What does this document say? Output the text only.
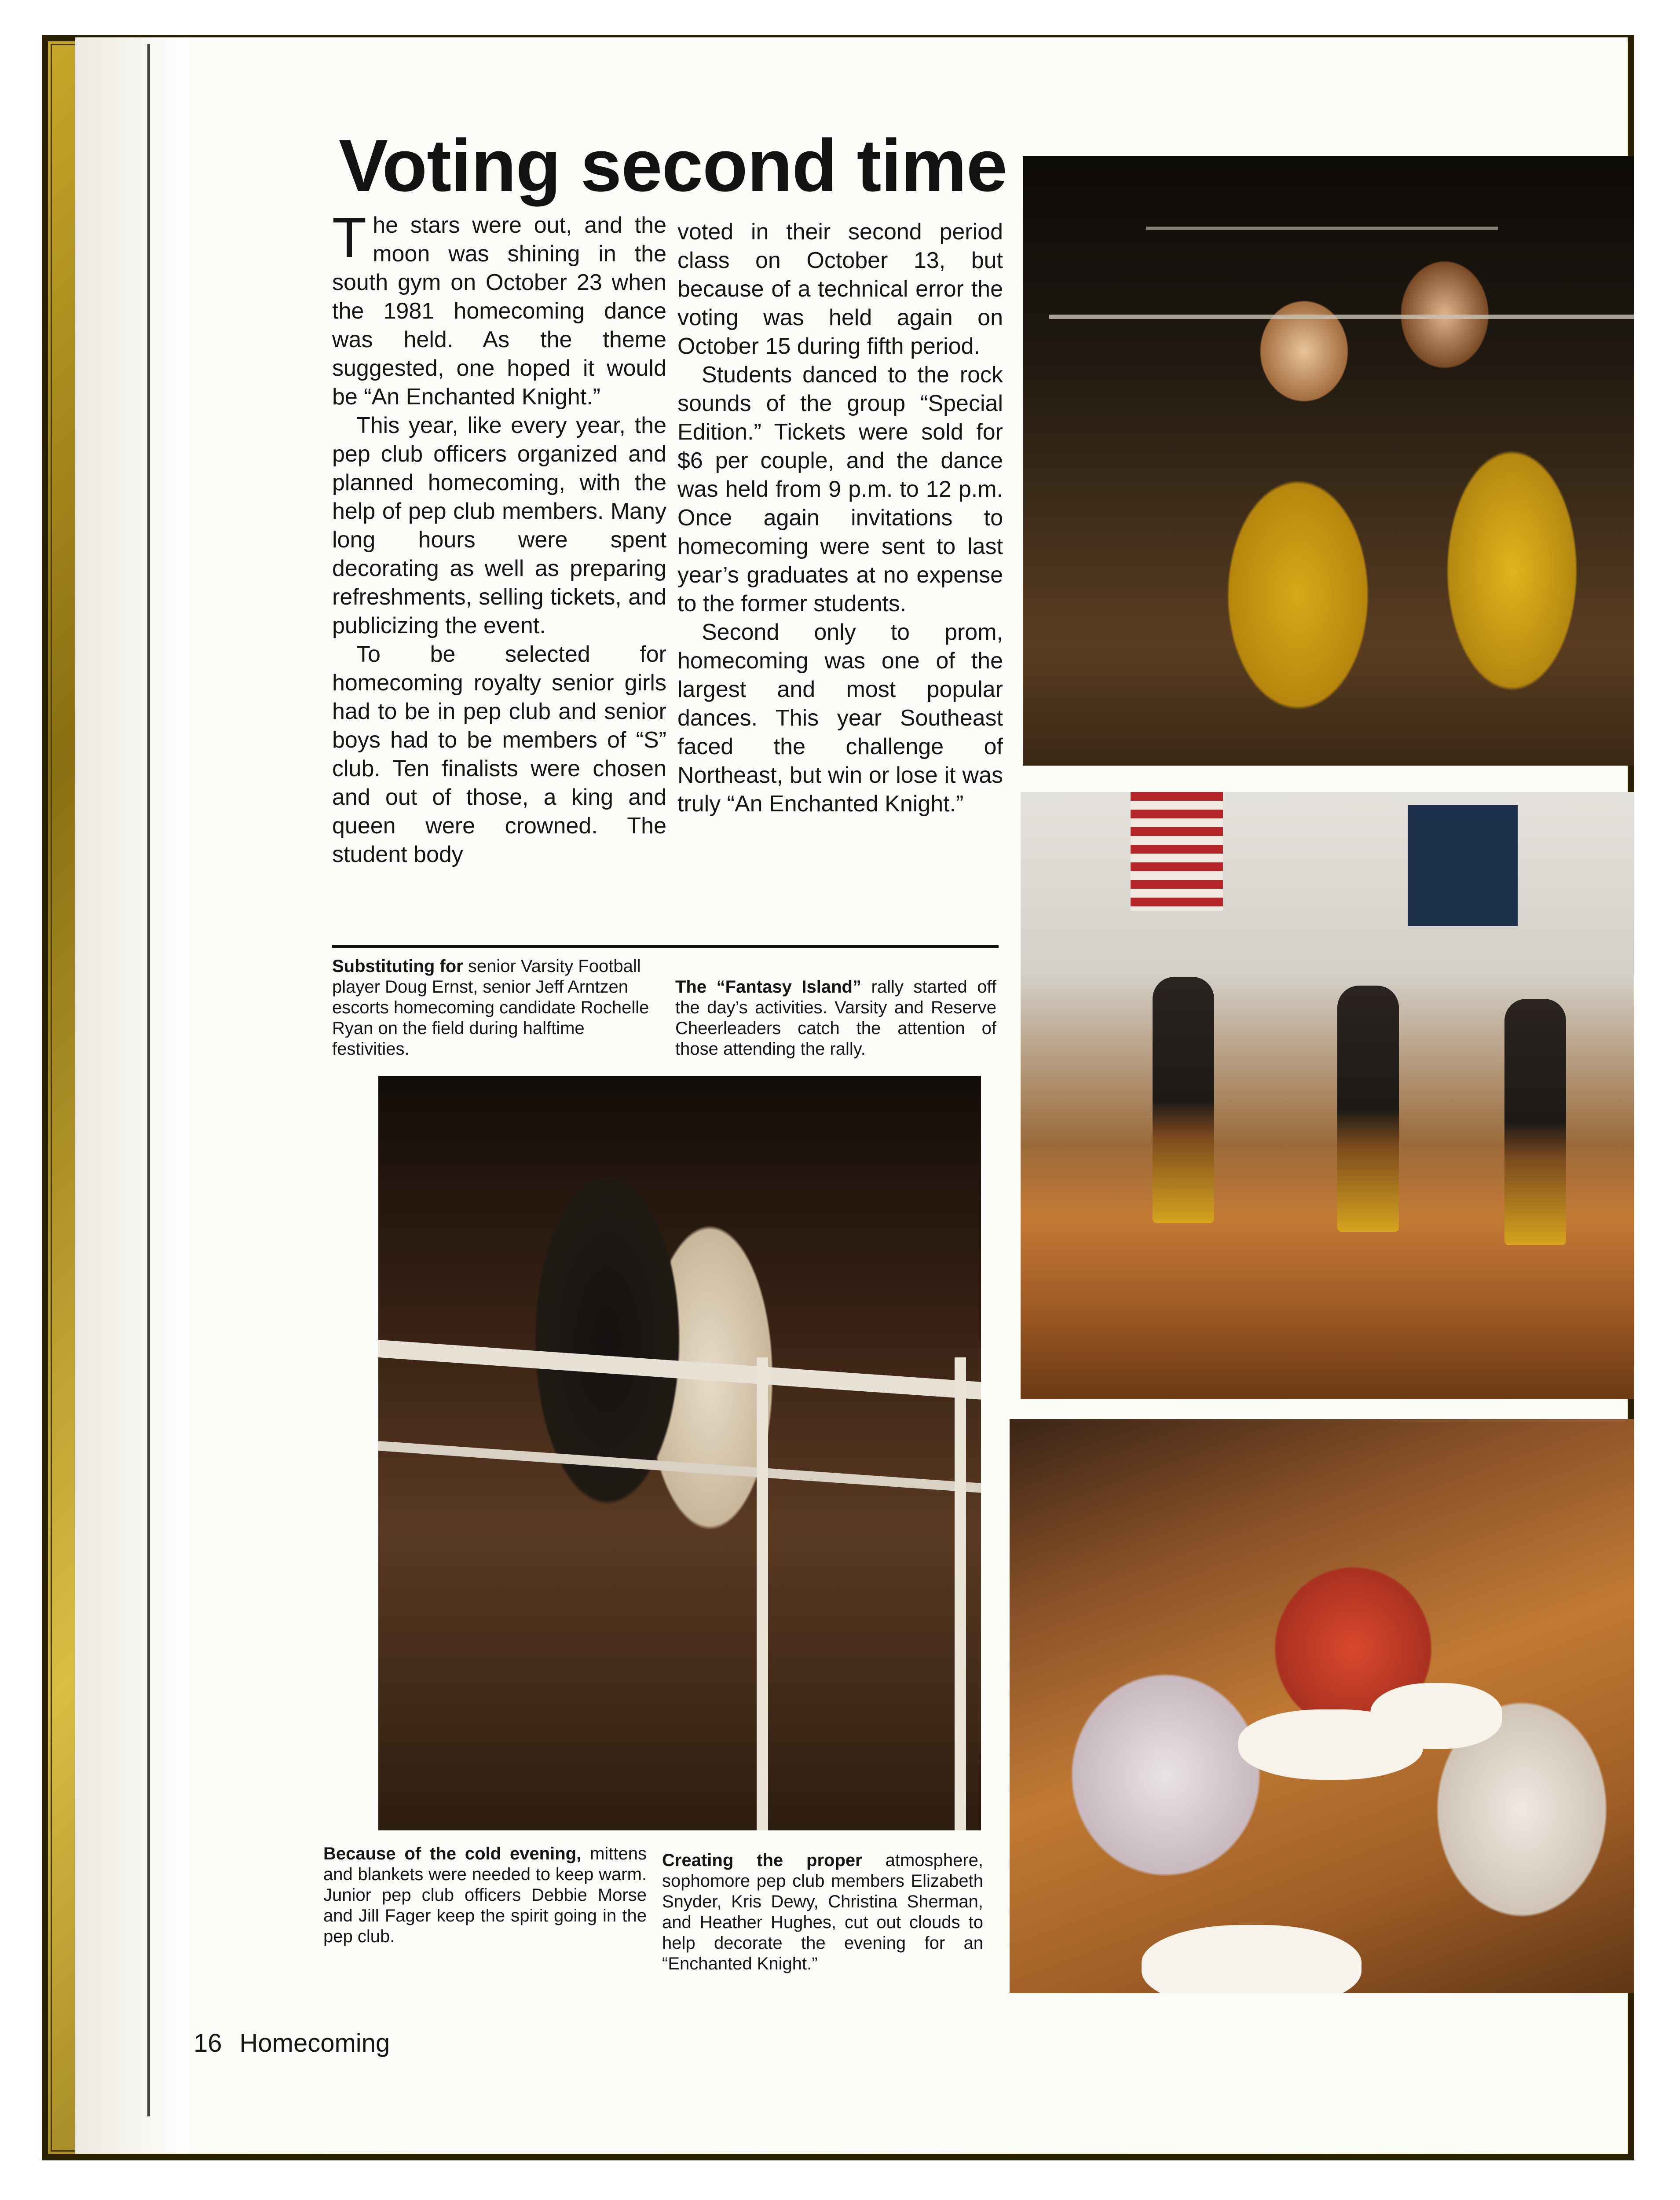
Voting second time

The stars were out, and the moon was shining in the south gym on October 23 when the 1981 homecoming dance was held. As the theme suggested, one hoped it would be “An Enchanted Knight.”

This year, like every year, the pep club officers organized and planned homecoming, with the help of pep club members. Many long hours were spent decorating as well as preparing refreshments, selling tickets, and publicizing the event.

To be selected for homecoming royalty senior girls had to be in pep club and senior boys had to be members of “S” club. Ten finalists were chosen and out of those, a king and queen were crowned. The student body

voted in their second period class on October 13, but because of a technical error the voting was held again on October 15 during fifth period.

Students danced to the rock sounds of the group “Special Edition.” Tickets were sold for $6 per couple, and the dance was held from 9 p.m. to 12 p.m. Once again invitations to homecoming were sent to last year’s graduates at no expense to the former students.

Second only to prom, homecoming was one of the largest and most popular dances. This year Southeast faced the challenge of Northeast, but win or lose it was truly “An Enchanted Knight.”

Substituting for senior Varsity Football player Doug Ernst, senior Jeff Arntzen escorts homecoming candidate Rochelle Ryan on the field during halftime festivities.

The “Fantasy Island” rally started off the day’s activities. Varsity and Reserve Cheerleaders catch the attention of those attending the rally.

Because of the cold evening, mittens and blankets were needed to keep warm. Junior pep club officers Debbie Morse and Jill Fager keep the spirit going in the pep club.

Creating the proper atmosphere, sophomore pep club members Elizabeth Snyder, Kris Dewy, Christina Sherman, and Heather Hughes, cut out clouds to help decorate the evening for an “Enchanted Knight.”

16 Homecoming
